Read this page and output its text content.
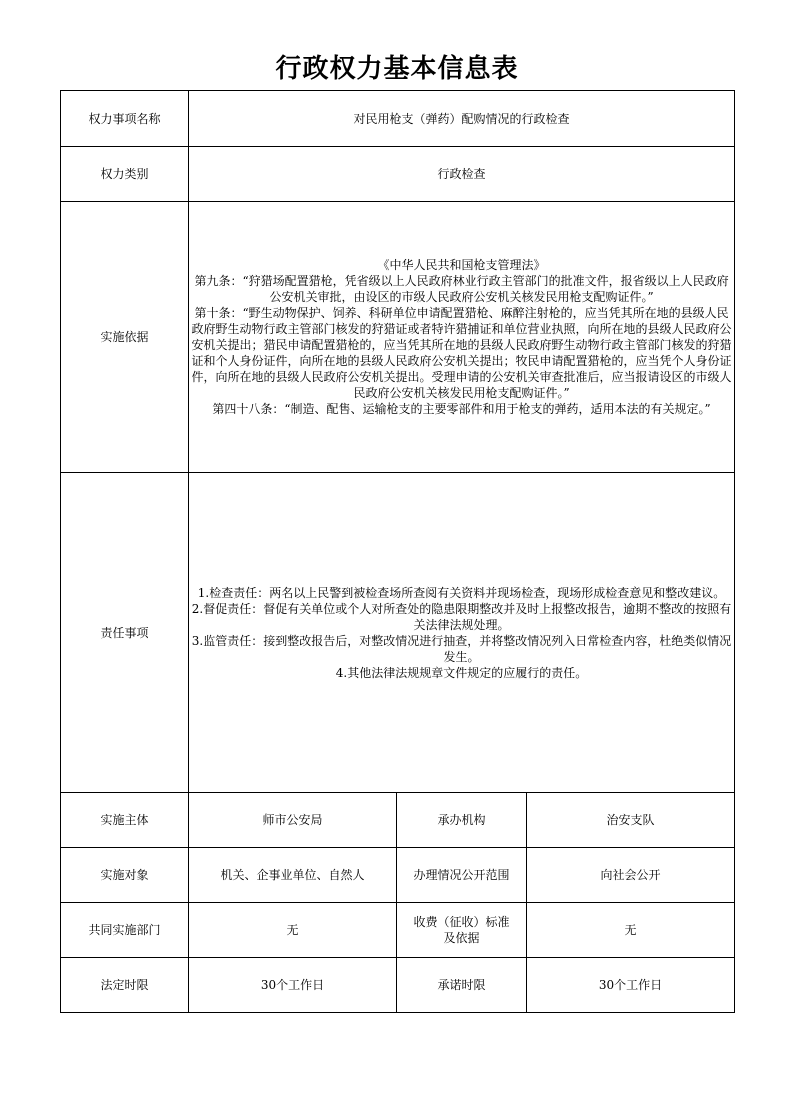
行政权力基本信息表
权力事项名称	对民用枪支（弹药）配购情况的行政检查		
权力类别	行政检查		
实施依据	《中华人民共和国枪支管理法》
第九条：“狩猎场配置猎枪，凭省级以上人民政府林业行政主管部门的批准文件，报省级以上人民政府公安机关审批，由设区的市级人民政府公安机关核发民用枪支配购证件。”
第十条：“野生动物保护、饲养、科研单位申请配置猎枪、麻醉注射枪的，应当凭其所在地的县级人民政府野生动物行政主管部门核发的狩猎证或者特许猎捕证和单位营业执照，向所在地的县级人民政府公安机关提出；猎民申请配置猎枪的，应当凭其所在地的县级人民政府野生动物行政主管部门核发的狩猎证和个人身份证件，向所在地的县级人民政府公安机关提出；牧民申请配置猎枪的，应当凭个人身份证件，向所在地的县级人民政府公安机关提出。受理申请的公安机关审查批准后，应当报请设区的市级人民政府公安机关核发民用枪支配购证件。”
第四十八条：“制造、配售、运输枪支的主要零部件和用于枪支的弹药，适用本法的有关规定。”		

责任事项	1.检查责任：两名以上民警到被检查场所查阅有关资料并现场检查，现场形成检查意见和整改建议。
2.督促责任：督促有关单位或个人对所查处的隐患限期整改并及时上报整改报告，逾期不整改的按照有关法律法规处理。
3.监管责任：接到整改报告后，对整改情况进行抽查，并将整改情况列入日常检查内容，杜绝类似情况发生。
4.其他法律法规规章文件规定的应履行的责任。		

实施主体	师市公安局	承办机构	治安支队
实施对象	机关、企事业单位、自然人	办理情况公开范围	向社会公开
共同实施部门	无	收费（征收）标准及依据	无
法定时限	30个工作日	承诺时限	30个工作日
